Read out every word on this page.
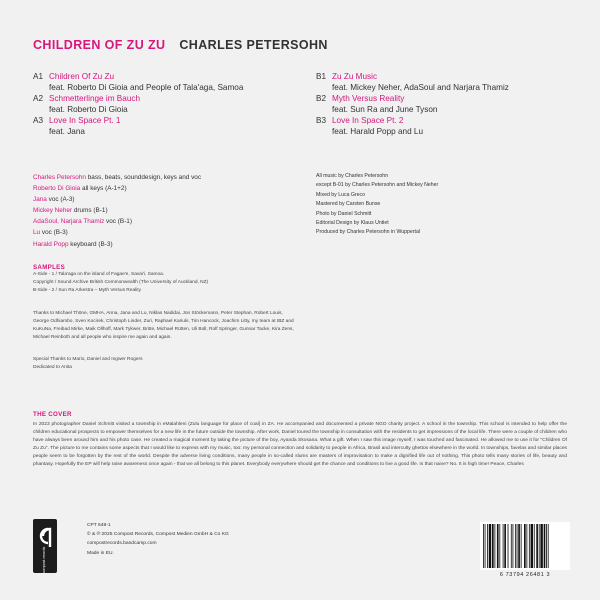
CHILDREN OF ZU ZU CHARLES PETERSOHN
A1 Children Of Zu Zu
feat. Roberto Di Gioia and People of Tala'aga, Samoa
A2 Schmetterlinge im Bauch
feat. Roberto Di Gioia
A3 Love In Space Pt. 1
feat. Jana
B1 Zu Zu Music
feat. Mickey Neher, AdaSoul and Narjara Thamiz
B2 Myth Versus Reality
feat. Sun Ra and June Tyson
B3 Love In Space Pt. 2
feat. Harald Popp and Lu
Charles Petersohn bass, beats, sounddesign, keys and voc
Roberto Di Gioia all keys (A-1+2)
Jana voc (A-3)
Mickey Neher drums (B-1)
AdaSoul, Narjara Thamiz voc (B-1)
Lu voc (B-3)
Harald Popp keyboard (B-3)
All music by Charles Petersohn
except B-01 by Charles Petersohn and Mickey Neher
Mixed by Luca Greco
Mastered by Carsten Bunse
Photo by Daniel Schmitt
Editorial Design by Klaus Untiet
Produced by Charles Petersohn in Wuppertal
SAMPLES
A-Side - 1 / Tala'aga on the island of Fagae'e, Savai'i, Samoa.
Copyright / Sound Archive British Commonwealth (The University of Auckland, NZ)
B-Side - 2 / Sun Ra Arkestra – Myth Versus Reality
Thanks to Michael Thöne, GMHA, Anna, Jana and Lu, Niklas Nadidai, Jon Stöckemann, Peter Stephan, Robert Louis, George Odhiambo, Sven Kocirek, Christoph Linder, Zuri, Raphael Kariuki, Tim Hancock, Joachim Litty, my team at IBZ and KuKuNa, Freibad Mirke, Maik Ollhoff, Mark Tykwer, Britte, Michael Rütten, Uli Boll, Rolf Springer, Gunnar Tacke, Kira Zens, Michael Reinboth and all people who inspire me again and again.
Special Thanks to Mario, Daniel and Ingwer Rogers
Dedicated to Anita
THE COVER
In 2023 photographer Daniel Schmitt visited a township in eMalahleni (Zulu language for place of coal) in ZA. He accompanied and documented a private NGO charity project. A school in the township. This school is intended to help offer the children educational prospects to empower themselves for a new life in the future outside the township. After work, Daniel toured the township in consultation with the residents to get impressions of the local life. There were a couple of children who have always been around him and his photo case. He created a magical moment by taking the picture of the boy, Ayanda Skosana. What a gift. When I saw this image myself, I was touched and fascinated. He allowed me to use it for "Children Of Zu Zu". The picture to me contains some aspects that I would like to express with my music, too: my personal connection and solidarity to people in Africa, Brasil and interculty ghettos elsewhere in the world. In townships, favelas and similar places people seem to be forgotten by the rest of the world. Despite the adverse living conditions, many people in so-called slums are masters of improvisation to make a dignified life out of nothing. This photo tells many stories of life, beauty and phantasy. Hopefully the EP will help raise awareness once again - that we all belong to this planet. Everybody everywhere should get the chance and conditions to live a good life. Is that naive? No. It is high time! Peace, Charles
compost records
CPT 648-1
© & ℗ 2025 Compost Records, Compost Medien GmbH & Co KG
compostrecords.bandcamp.com
Made in EU.
6 73794 26481 3
